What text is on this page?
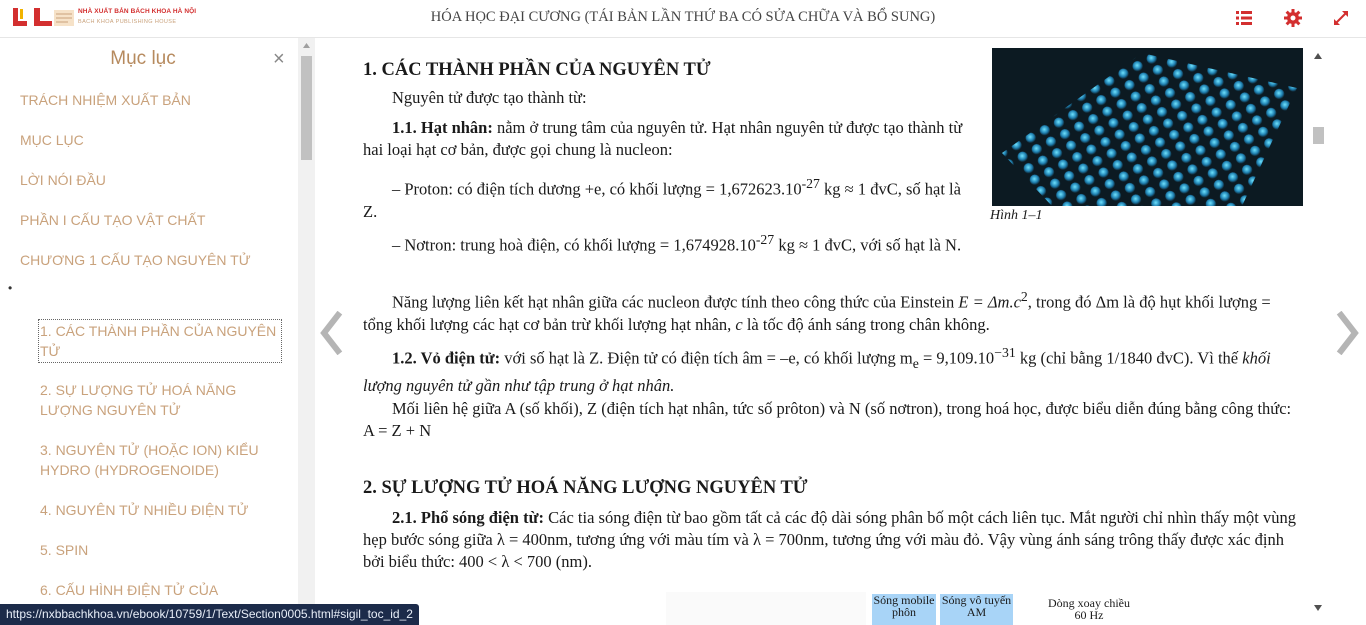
NHÀ XUẤT BẢN BÁCH KHOA HÀ NỘI
BACH KHOA PUBLISHING HOUSE	HÓA HỌC ĐẠI CƯƠNG (TÁI BẢN LẦN THỨ BA CÓ SỬA CHỮA VÀ BỔ SUNG)
Mục lục	×
TRÁCH NHIỆM XUẤT BẢN
MỤC LỤC
LỜI NÓI ĐẦU
PHẦN I CẤU TẠO VẬT CHẤT
CHƯƠNG 1 CẤU TẠO NGUYÊN TỬ
•
1. CÁC THÀNH PHẦN CỦA NGUYÊN TỬ
2. SỰ LƯỢNG TỬ HOÁ NĂNG LƯỢNG NGUYÊN TỬ
3. NGUYÊN TỬ (HOẶC ION) KIỂU HYDRO (HYDROGENOIDE)
4. NGUYÊN TỬ NHIỀU ĐIỆN TỬ
5. SPIN
6. CẤU HÌNH ĐIỆN TỬ CỦA
Hình 1–1
1. CÁC THÀNH PHẦN CỦA NGUYÊN TỬ
Nguyên tử được tạo thành từ:
1.1. Hạt nhân: nằm ở trung tâm của nguyên tử. Hạt nhân nguyên tử được tạo thành từ hai loại hạt cơ bản, được gọi chung là nucleon:
– Proton: có điện tích dương +e, có khối lượng = $1,672623.10^{-27}$ kg ≈ 1 đvC, số hạt là Z.
– Nơtron: trung hoà điện, có khối lượng = $1,674928.10^{-27}$ kg ≈ 1 đvC, với số hạt là N.
Năng lượng liên kết hạt nhân giữa các nucleon được tính theo công thức của Einstein $E = \Delta m.c^2$, trong đó Δm là độ hụt khối lượng = tổng khối lượng các hạt cơ bản trừ khối lượng hạt nhân, c là tốc độ ánh sáng trong chân không.
1.2. Vỏ điện tử: với số hạt là Z. Điện tử có điện tích âm = –e, có khối lượng $m_e = 9,109.10^{-31}$ kg (chỉ bằng 1/1840 đvC). Vì thế khối lượng nguyên tử gần như tập trung ở hạt nhân.
Mối liên hệ giữa A (số khối), Z (điện tích hạt nhân, tức số prôton) và N (số nơtron), trong hoá học, được biểu diễn đúng bằng công thức: A = Z + N
2. SỰ LƯỢNG TỬ HOÁ NĂNG LƯỢNG NGUYÊN TỬ
2.1. Phổ sóng điện từ: Các tia sóng điện từ bao gồm tất cả các độ dài sóng phân bố một cách liên tục. Mắt người chỉ nhìn thấy một vùng hẹp bước sóng giữa λ = 400nm, tương ứng với màu tím và λ = 700nm, tương ứng với màu đỏ. Vậy vùng ánh sáng trông thấy được xác định bởi biểu thức: 400 < λ < 700 (nm).
Sóng mobile phôn
Sóng vô tuyến AM
Dòng xoay chiều 60 Hz
https://nxbbachkhoa.vn/ebook/10759/1/Text/Section0005.html#sigil_toc_id_2
